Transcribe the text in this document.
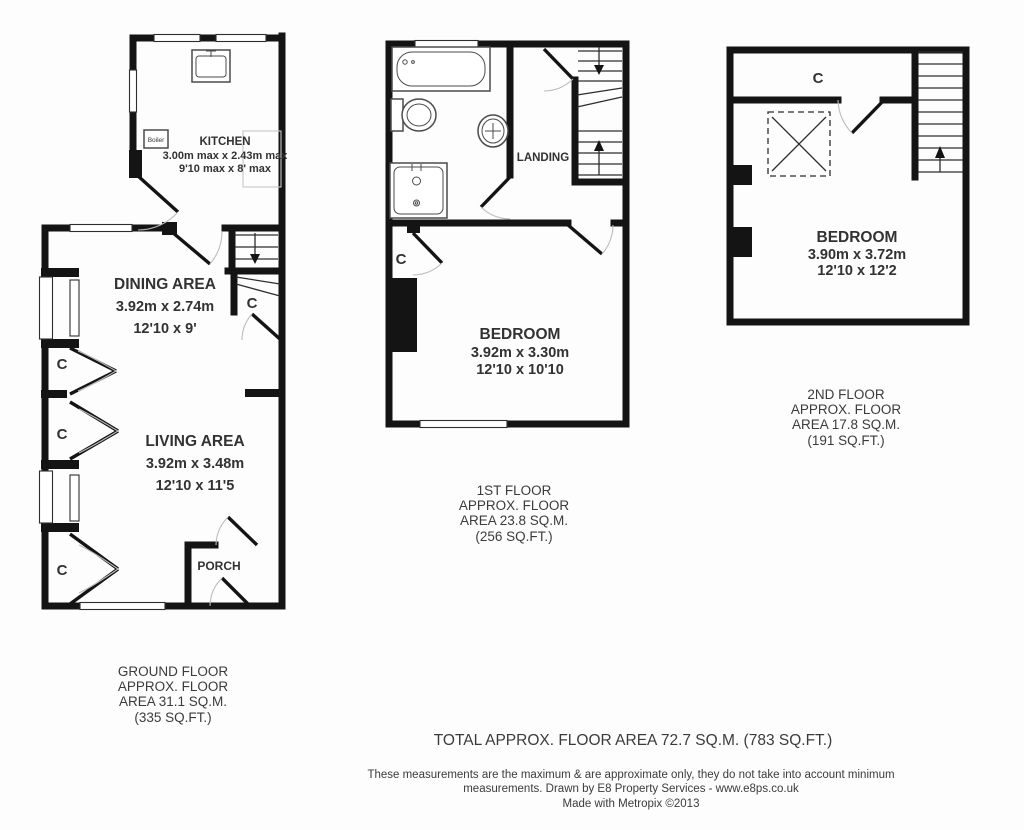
Boiler	KITCHEN
3.00m max x 2.43m max
9'10 max x 8' max
DINING AREA
3.92m x 2.74m
12'10 x 9'
LIVING AREA
3.92m x 3.48m
12'10 x 11'5
PORCH
C
C
C
C
LANDING
C
BEDROOM
3.92m x 3.30m
12'10 x 10'10
C
BEDROOM
3.90m x 3.72m
12'10 x 12'2
GROUND FLOOR
APPROX. FLOOR
AREA 31.1 SQ.M.
(335 SQ.FT.)
1ST FLOOR
APPROX. FLOOR
AREA 23.8 SQ.M.
(256 SQ.FT.)
2ND FLOOR
APPROX. FLOOR
AREA 17.8 SQ.M.
(191 SQ.FT.)
TOTAL APPROX. FLOOR AREA 72.7 SQ.M. (783 SQ.FT.)
These measurements are the maximum & are approximate only, they do not take into account minimum
measurements. Drawn by E8 Property Services - www.e8ps.co.uk
Made with Metropix ©2013
